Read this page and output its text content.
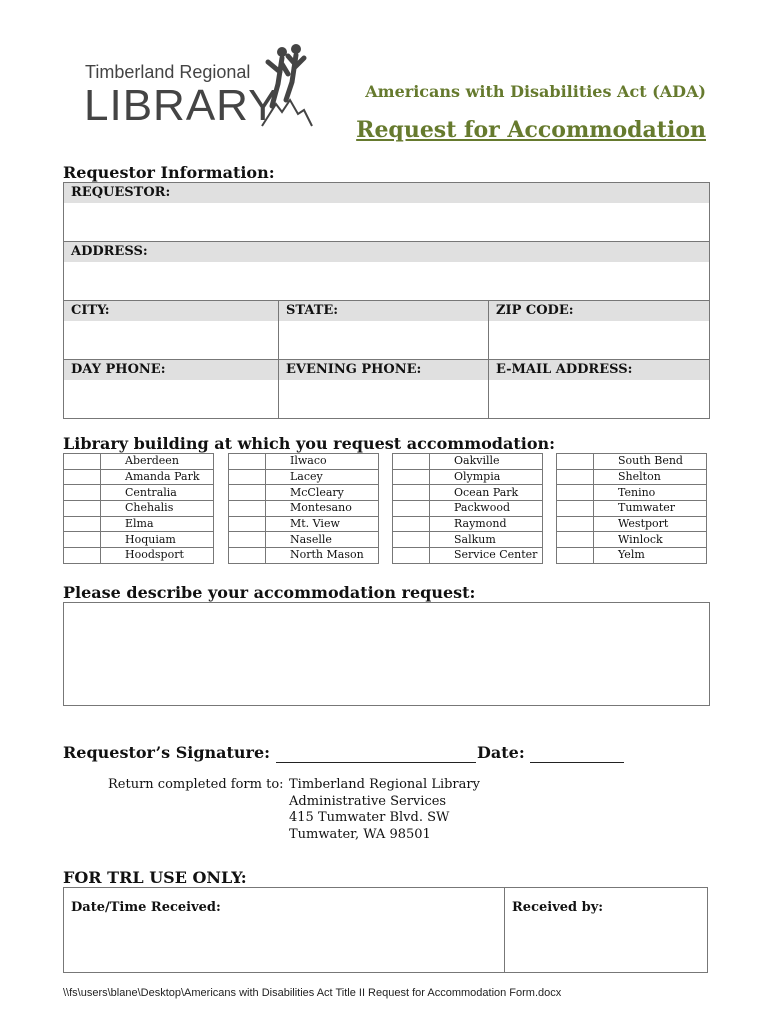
Timberland Regional
LIBRARY	Americans with Disabilities Act (ADA)
Request for Accommodation
Requestor Information:
REQUESTOR:		

ADDRESS:		

CITY:	STATE:	ZIP CODE:

DAY PHONE:	EVENING PHONE:	E-MAIL ADDRESS:
Library building at which you request accommodation:
	Aberdeen
	Amanda Park
	Centralia
	Chehalis
	Elma
	Hoquiam
	Hoodsport
	Ilwaco
	Lacey
	McCleary
	Montesano
	Mt. View
	Naselle
	North Mason
	Oakville
	Olympia
	Ocean Park
	Packwood
	Raymond
	Salkum
	Service Center
	South Bend
	Shelton
	Tenino
	Tumwater
	Westport
	Winlock
	Yelm
Please describe your accommodation request:
Requestor’s Signature:	Date:
Return completed form to: Timberland Regional Library
Administrative Services
415 Tumwater Blvd. SW
Tumwater, WA 98501
FOR TRL USE ONLY:
Date/Time Received:	Received by:
\\fs\users\blane\Desktop\Americans with Disabilities Act Title II Request for Accommodation Form.docx
